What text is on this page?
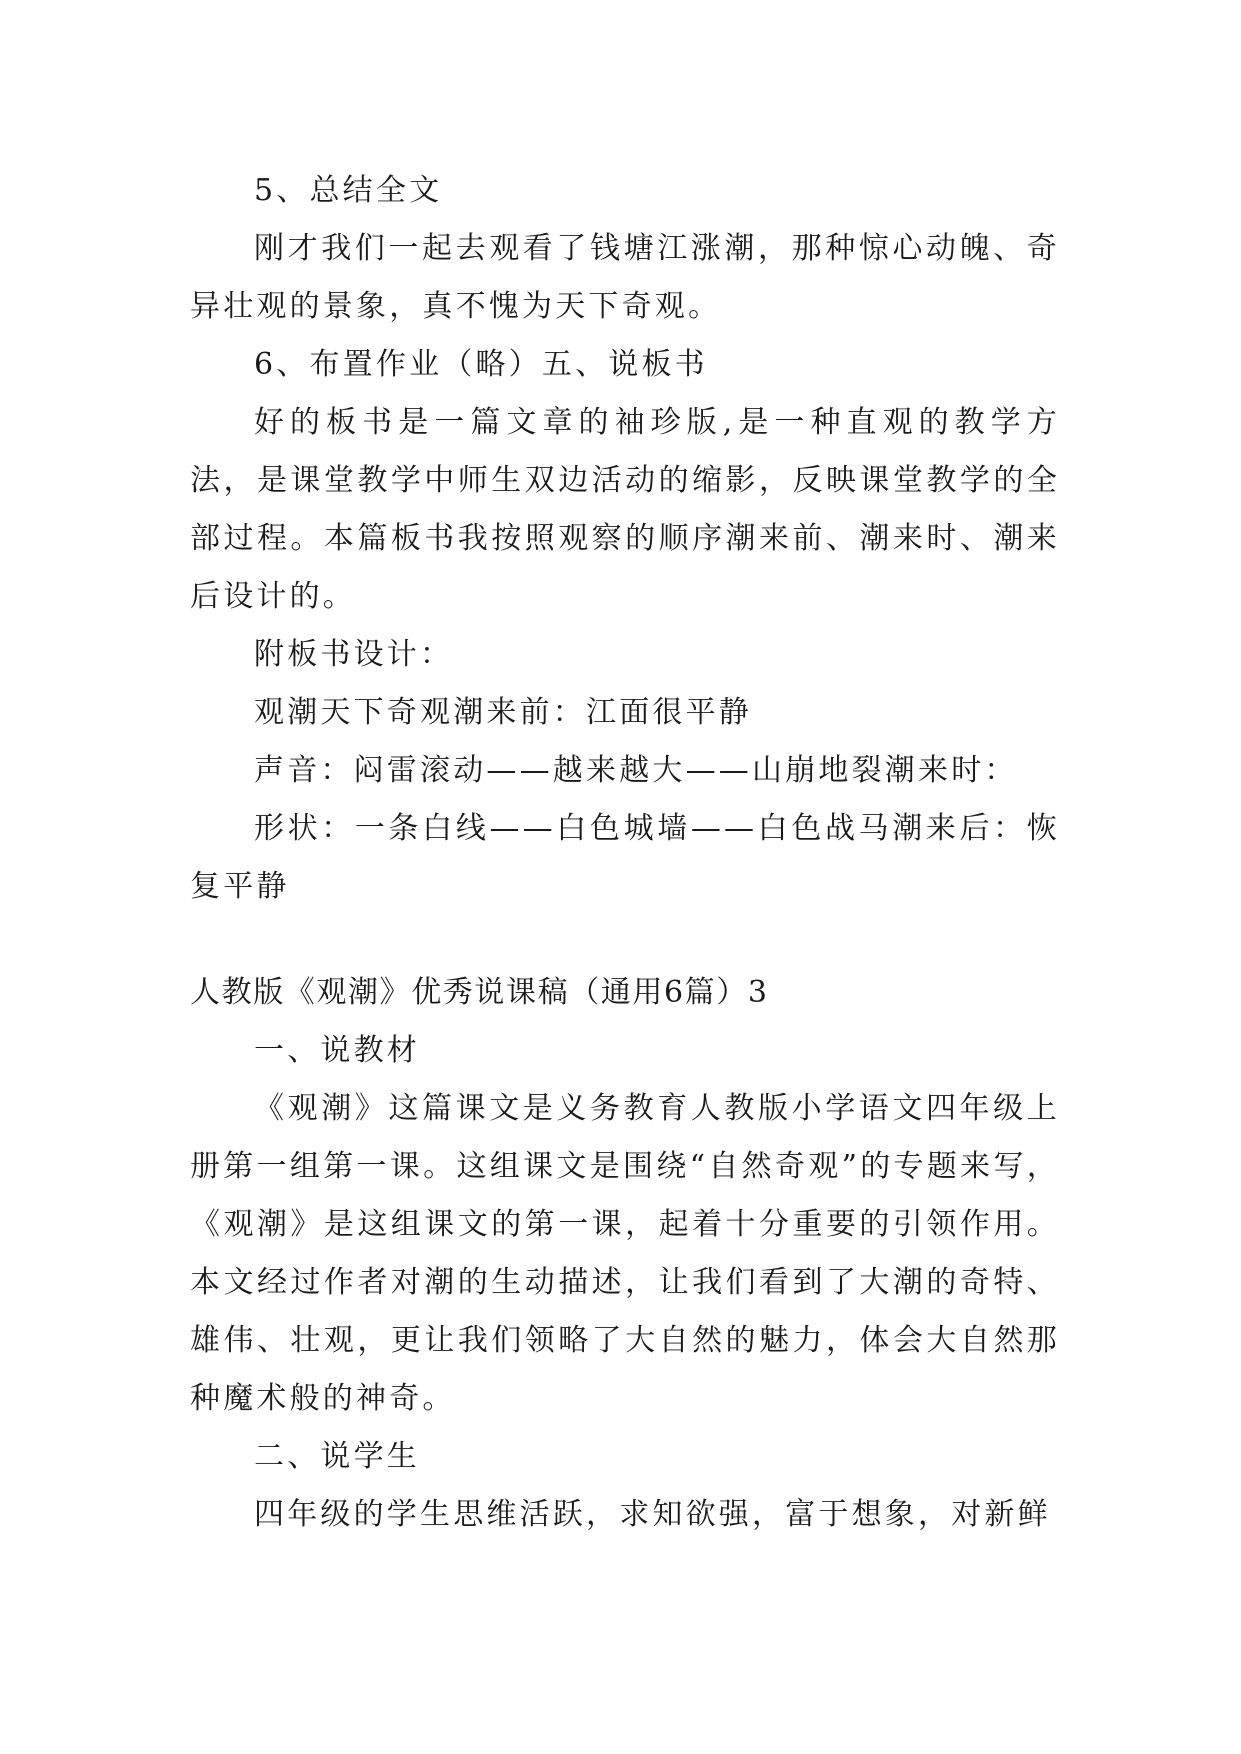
5、总结全文

刚才我们一起去观看了钱塘江涨潮，那种惊心动魄、奇异壮观的景象，真不愧为天下奇观。

6、布置作业（略）五、说板书

好的板书是一篇文章的袖珍版,是一种直观的教学方法，是课堂教学中师生双边活动的缩影，反映课堂教学的全部过程。本篇板书我按照观察的顺序潮来前、潮来时、潮来后设计的。

附板书设计：

观潮天下奇观潮来前：江面很平静

声音：闷雷滚动——越来越大——山崩地裂潮来时：

形状：一条白线——白色城墙——白色战马潮来后：恢复平静

人教版《观潮》优秀说课稿（通用6篇）3

一、说教材

《观潮》这篇课文是义务教育人教版小学语文四年级上册第一组第一课。这组课文是围绕“自然奇观”的专题来写，《观潮》是这组课文的第一课，起着十分重要的引领作用。本文经过作者对潮的生动描述，让我们看到了大潮的奇特、雄伟、壮观，更让我们领略了大自然的魅力，体会大自然那种魔术般的神奇。

二、说学生

四年级的学生思维活跃，求知欲强，富于想象，对新鲜
